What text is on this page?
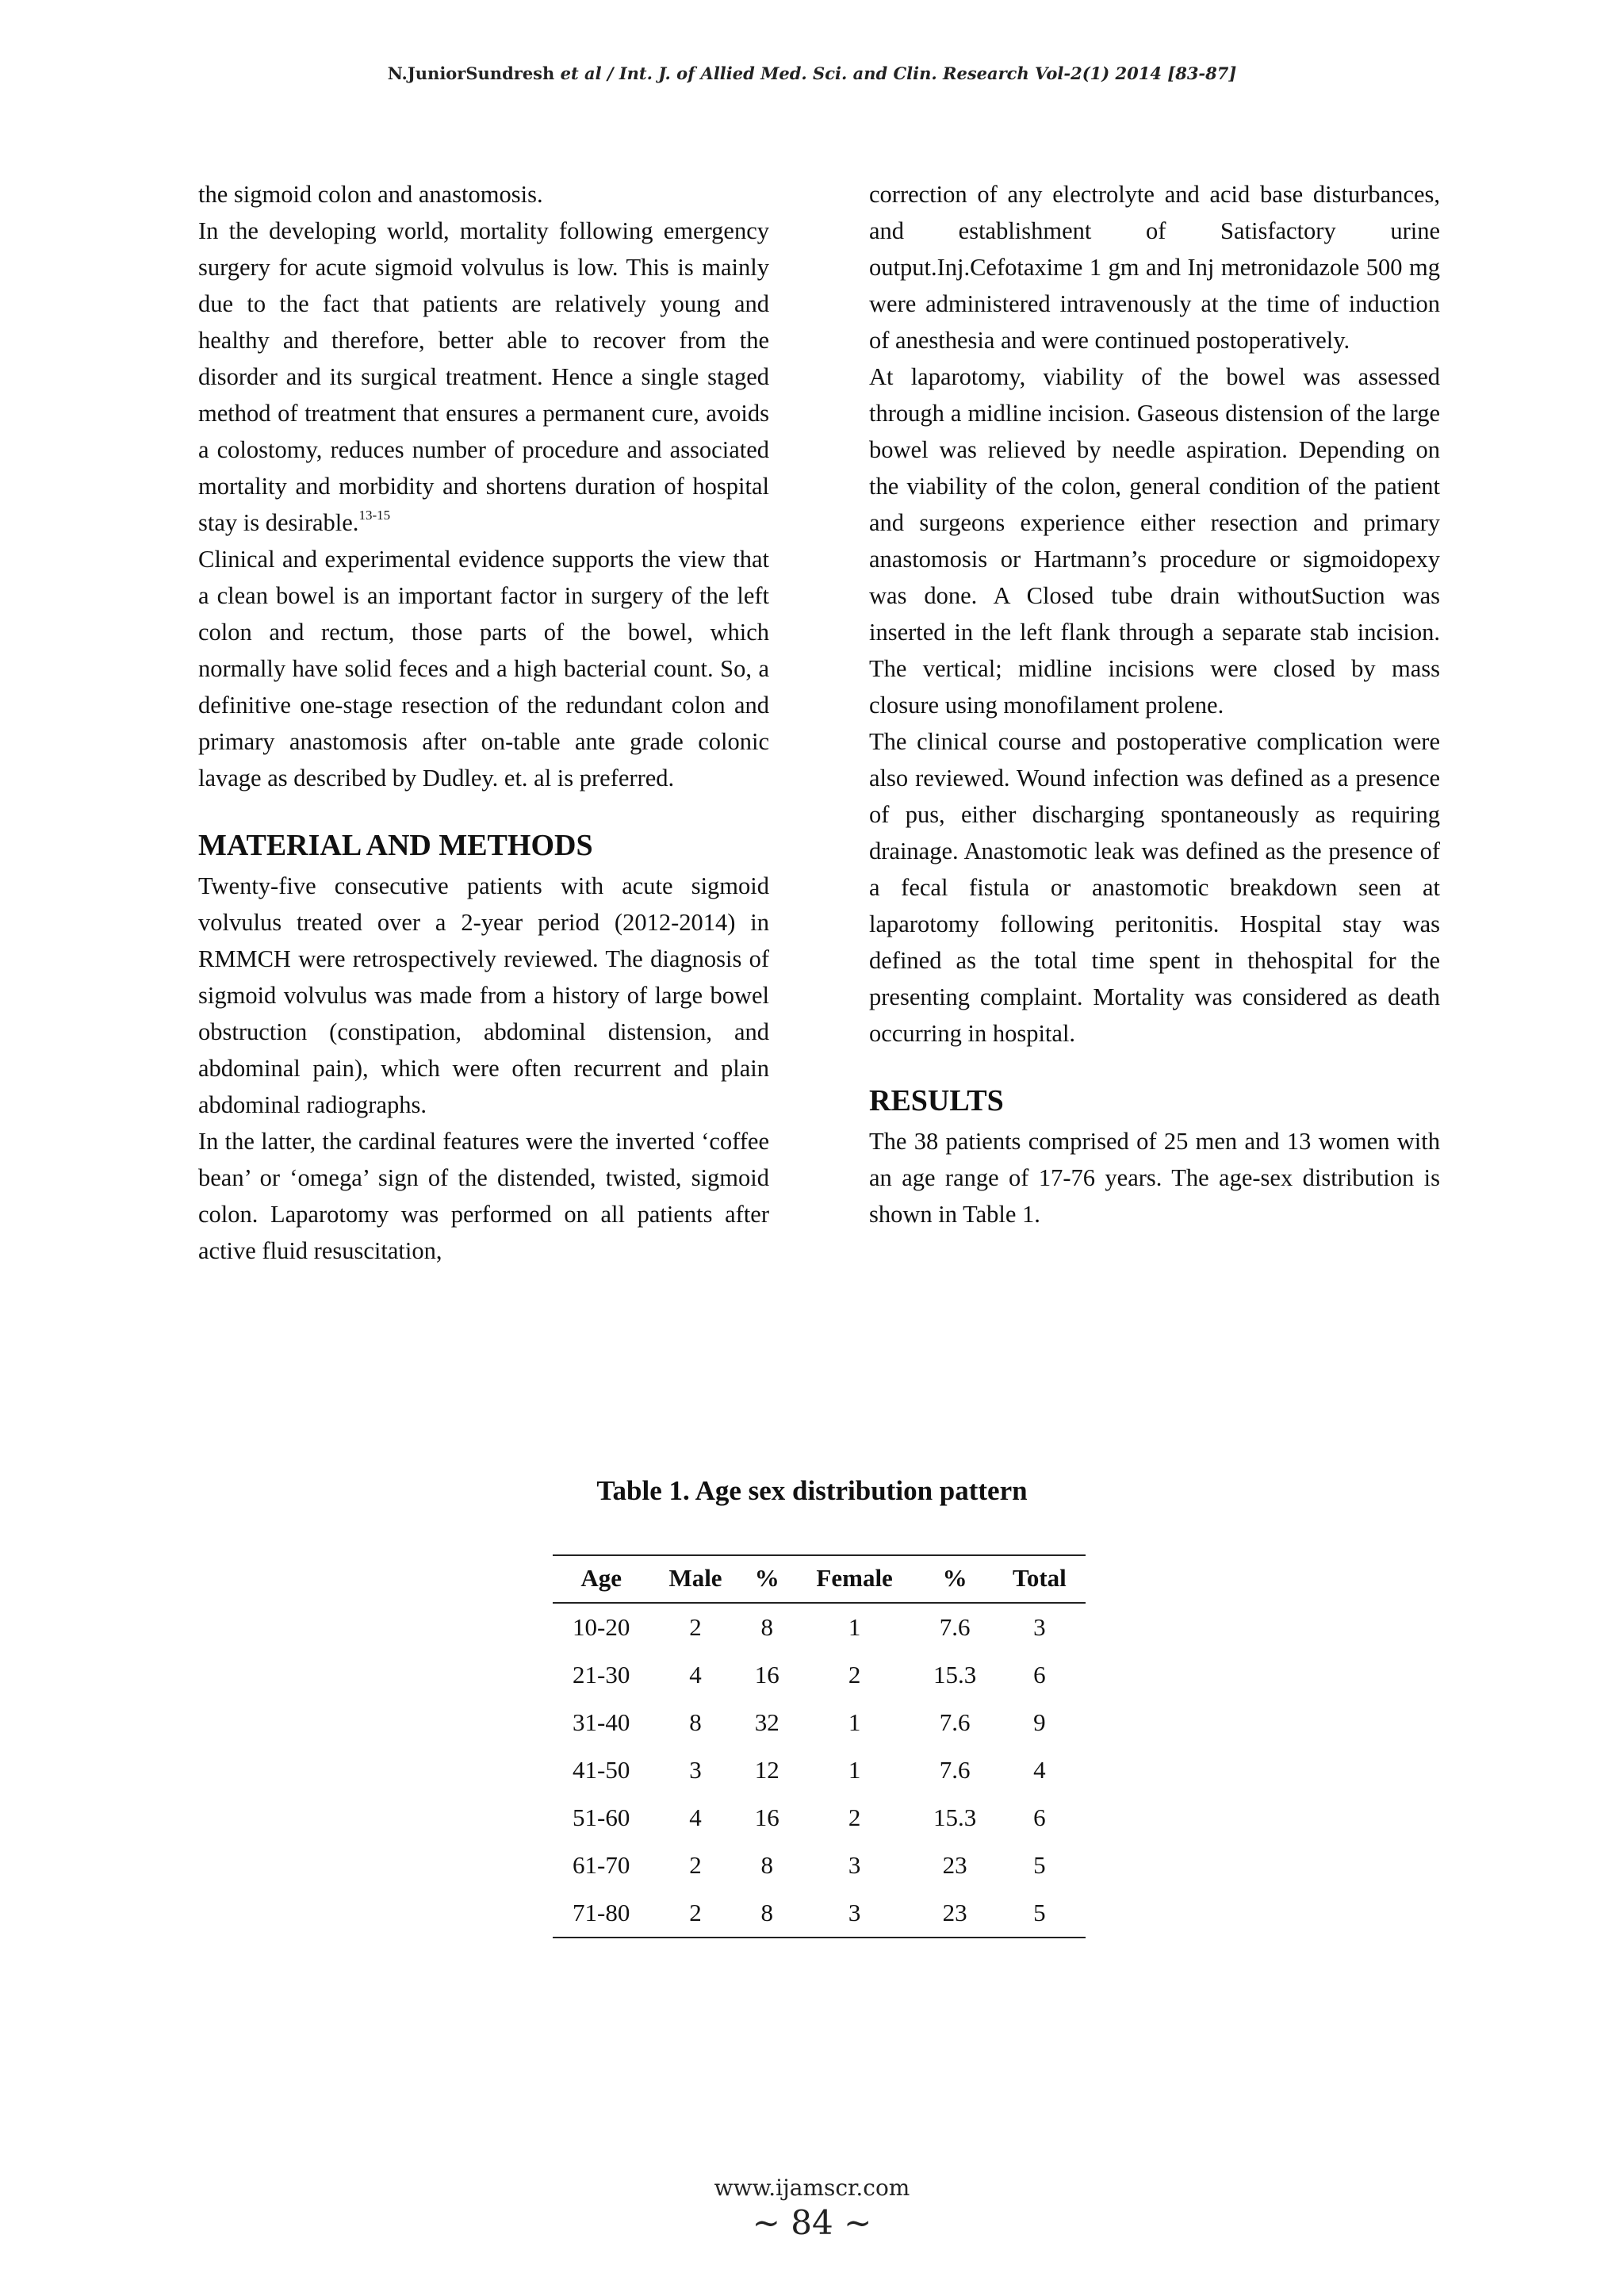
N.JuniorSundresh et al / Int. J. of Allied Med. Sci. and Clin. Research Vol-2(1) 2014 [83-87]

the sigmoid colon and anastomosis.

In the developing world, mortality following emergency surgery for acute sigmoid volvulus is low. This is mainly due to the fact that patients are relatively young and healthy and therefore, better able to recover from the disorder and its surgical treatment. Hence a single staged method of treatment that ensures a permanent cure, avoids a colostomy, reduces number of procedure and associated mortality and morbidity and shortens duration of hospital stay is desirable.$^{13-15}$

Clinical and experimental evidence supports the view that a clean bowel is an important factor in surgery of the left colon and rectum, those parts of the bowel, which normally have solid feces and a high bacterial count. So, a definitive one-stage resection of the redundant colon and primary anastomosis after on-table ante grade colonic lavage as described by Dudley. et. al is preferred.

MATERIAL AND METHODS

Twenty-five consecutive patients with acute sigmoid volvulus treated over a 2-year period (2012-2014) in RMMCH were retrospectively reviewed. The diagnosis of sigmoid volvulus was made from a history of large bowel obstruction (constipation, abdominal distension, and abdominal pain), which were often recurrent and plain abdominal radiographs.

In the latter, the cardinal features were the inverted ‘coffee bean’ or ‘omega’ sign of the distended, twisted, sigmoid colon. Laparotomy was performed on all patients after active fluid resuscitation,

correction of any electrolyte and acid base disturbances, and establishment of Satisfactory urine output.Inj.Cefotaxime 1 gm and Inj metronidazole 500 mg were administered intravenously at the time of induction of anesthesia and were continued postoperatively.

At laparotomy, viability of the bowel was assessed through a midline incision. Gaseous distension of the large bowel was relieved by needle aspiration. Depending on the viability of the colon, general condition of the patient and surgeons experience either resection and primary anastomosis or Hartmann’s procedure or sigmoidopexy was done. A Closed tube drain withoutSuction was inserted in the left flank through a separate stab incision. The vertical; midline incisions were closed by mass closure using monofilament prolene.

The clinical course and postoperative complication were also reviewed. Wound infection was defined as a presence of pus, either discharging spontaneously as requiring drainage. Anastomotic leak was defined as the presence of a fecal fistula or anastomotic breakdown seen at laparotomy following peritonitis. Hospital stay was defined as the total time spent in thehospital for the presenting complaint. Mortality was considered as death occurring in hospital.

RESULTS

The 38 patients comprised of 25 men and 13 women with an age range of 17-76 years. The age-sex distribution is shown in Table 1.

Table 1. Age sex distribution pattern
Age	Male	%	Female	%	Total
10-20	2	8	1	7.6	3
21-30	4	16	2	15.3	6
31-40	8	32	1	7.6	9
41-50	3	12	1	7.6	4
51-60	4	16	2	15.3	6
61-70	2	8	3	23	5
71-80	2	8	3	23	5
www.ijamscr.com
~ 84 ~
